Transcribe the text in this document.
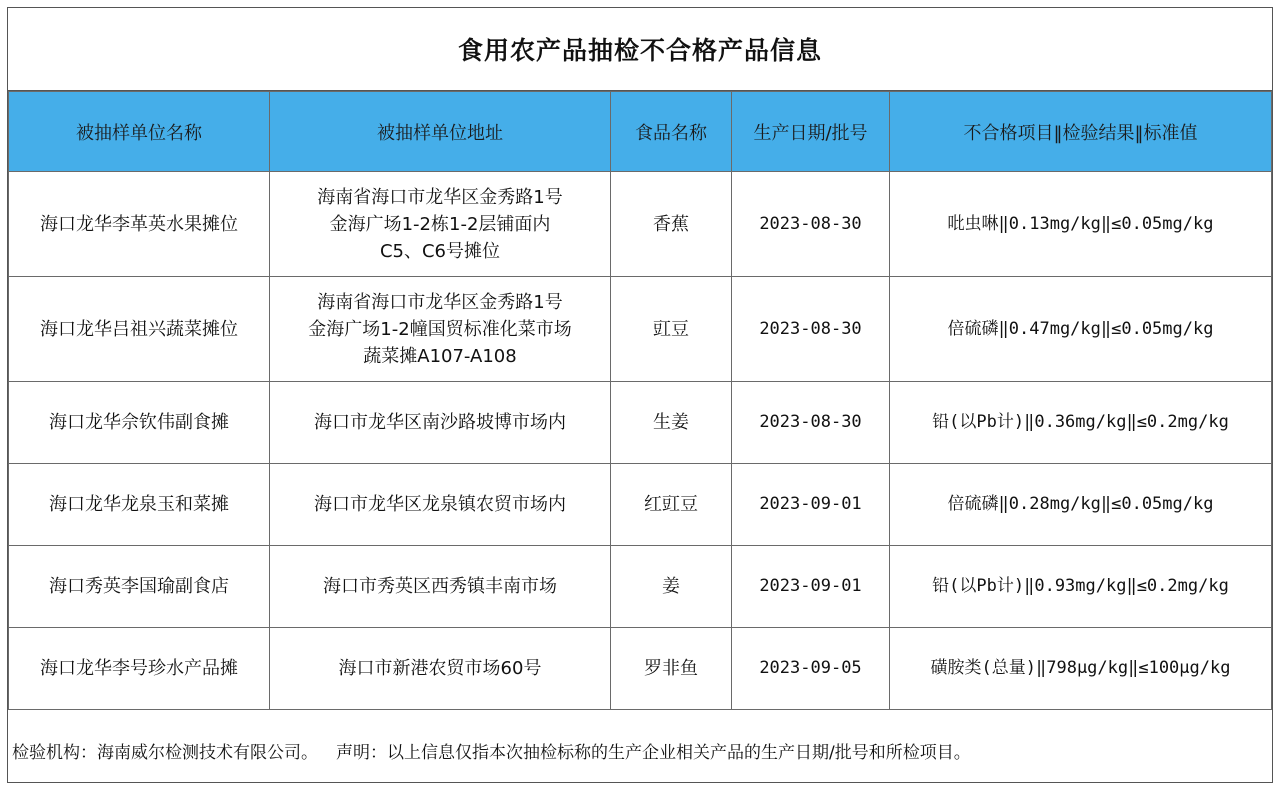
食用农产品抽检不合格产品信息
被抽样单位名称	被抽样单位地址	食品名称	生产日期/批号	不合格项目‖检验结果‖标准值
海口龙华李革英水果摊位	海南省海口市龙华区金秀路1号
金海广场1-2栋1-2层铺面内
C5、C6号摊位	香蕉	2023-08-30	吡虫啉‖0.13mg/kg‖≤0.05mg/kg
海口龙华吕祖兴蔬菜摊位	海南省海口市龙华区金秀路1号
金海广场1-2幢国贸标准化菜市场
蔬菜摊A107-A108	豇豆	2023-08-30	倍硫磷‖0.47mg/kg‖≤0.05mg/kg
海口龙华佘钦伟副食摊	海口市龙华区南沙路坡博市场内	生姜	2023-08-30	铅(以Pb计)‖0.36mg/kg‖≤0.2mg/kg
海口龙华龙泉玉和菜摊	海口市龙华区龙泉镇农贸市场内	红豇豆	2023-09-01	倍硫磷‖0.28mg/kg‖≤0.05mg/kg
海口秀英李国瑜副食店	海口市秀英区西秀镇丰南市场	姜	2023-09-01	铅(以Pb计)‖0.93mg/kg‖≤0.2mg/kg
海口龙华李号珍水产品摊	海口市新港农贸市场60号	罗非鱼	2023-09-05	磺胺类(总量)‖798μg/kg‖≤100μg/kg
检验机构：海南威尔检测技术有限公司。 声明：以上信息仅指本次抽检标称的生产企业相关产品的生产日期/批号和所检项目。
